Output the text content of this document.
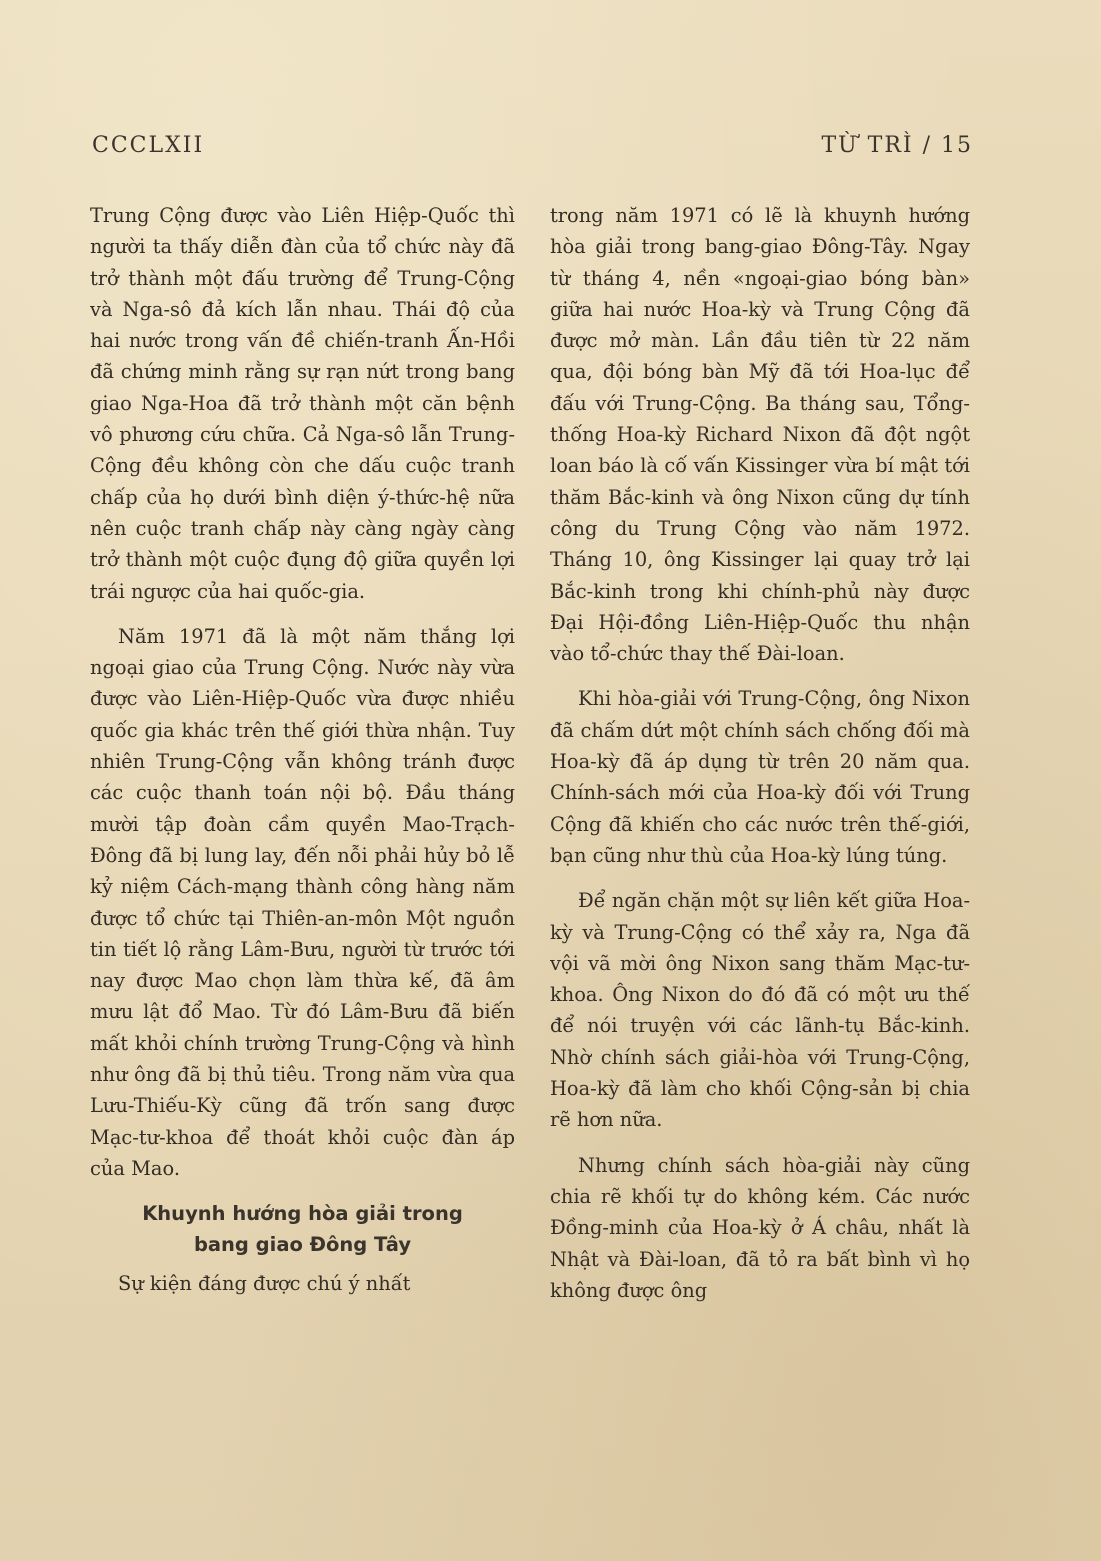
CCCLXII	TỪ TRÌ / 15

Trung Cộng được vào Liên Hiệp-Quốc thì người ta thấy diễn đàn của tổ chức này đã trở thành một đấu trường để Trung-Cộng và Nga-sô đả kích lẫn nhau. Thái độ của hai nước trong vấn đề chiến-tranh Ấn-Hồi đã chứng minh rằng sự rạn nứt trong bang giao Nga-Hoa đã trở thành một căn bệnh vô phương cứu chữa. Cả Nga-sô lẫn Trung-Cộng đều không còn che dấu cuộc tranh chấp của họ dưới bình diện ý-thức-hệ nữa nên cuộc tranh chấp này càng ngày càng trở thành một cuộc đụng độ giữa quyền lợi trái ngược của hai quốc-gia.

Năm 1971 đã là một năm thắng lợi ngoại giao của Trung Cộng. Nước này vừa được vào Liên-Hiệp-Quốc vừa được nhiều quốc gia khác trên thế giới thừa nhận. Tuy nhiên Trung-Cộng vẫn không tránh được các cuộc thanh toán nội bộ. Đầu tháng mười tập đoàn cầm quyền Mao-Trạch-Đông đã bị lung lay, đến nỗi phải hủy bỏ lễ kỷ niệm Cách-mạng thành công hàng năm được tổ chức tại Thiên-an-môn Một nguồn tin tiết lộ rằng Lâm-Bưu, người từ trước tới nay được Mao chọn làm thừa kế, đã âm mưu lật đổ Mao. Từ đó Lâm-Bưu đã biến mất khỏi chính trường Trung-Cộng và hình như ông đã bị thủ tiêu. Trong năm vừa qua Lưu-Thiếu-Kỳ cũng đã trốn sang được Mạc-tư-khoa để thoát khỏi cuộc đàn áp của Mao.

Khuynh hướng hòa giải trong
bang giao Đông Tây

Sự kiện đáng được chú ý nhất

trong năm 1971 có lẽ là khuynh hướng hòa giải trong bang-giao Đông-Tây. Ngay từ tháng 4, nền «ngoại-giao bóng bàn» giữa hai nước Hoa-kỳ và Trung Cộng đã được mở màn. Lần đầu tiên từ 22 năm qua, đội bóng bàn Mỹ đã tới Hoa-lục để đấu với Trung-Cộng. Ba tháng sau, Tổng-thống Hoa-kỳ Richard Nixon đã đột ngột loan báo là cố vấn Kissinger vừa bí mật tới thăm Bắc-kinh và ông Nixon cũng dự tính công du Trung Cộng vào năm 1972. Tháng 10, ông Kissinger lại quay trở lại Bắc-kinh trong khi chính-phủ này được Đại Hội-đồng Liên-Hiệp-Quốc thu nhận vào tổ-chức thay thế Đài-loan.

Khi hòa-giải với Trung-Cộng, ông Nixon đã chấm dứt một chính sách chống đối mà Hoa-kỳ đã áp dụng từ trên 20 năm qua. Chính-sách mới của Hoa-kỳ đối với Trung Cộng đã khiến cho các nước trên thế-giới, bạn cũng như thù của Hoa-kỳ lúng túng.

Để ngăn chặn một sự liên kết giữa Hoa-kỳ và Trung-Cộng có thể xảy ra, Nga đã vội vã mời ông Nixon sang thăm Mạc-tư-khoa. Ông Nixon do đó đã có một ưu thế để nói truyện với các lãnh-tụ Bắc-kinh. Nhờ chính sách giải-hòa với Trung-Cộng, Hoa-kỳ đã làm cho khối Cộng-sản bị chia rẽ hơn nữa.

Nhưng chính sách hòa-giải này cũng chia rẽ khối tự do không kém. Các nước Đồng-minh của Hoa-kỳ ở Á châu, nhất là Nhật và Đài-loan, đã tỏ ra bất bình vì họ không được ông
